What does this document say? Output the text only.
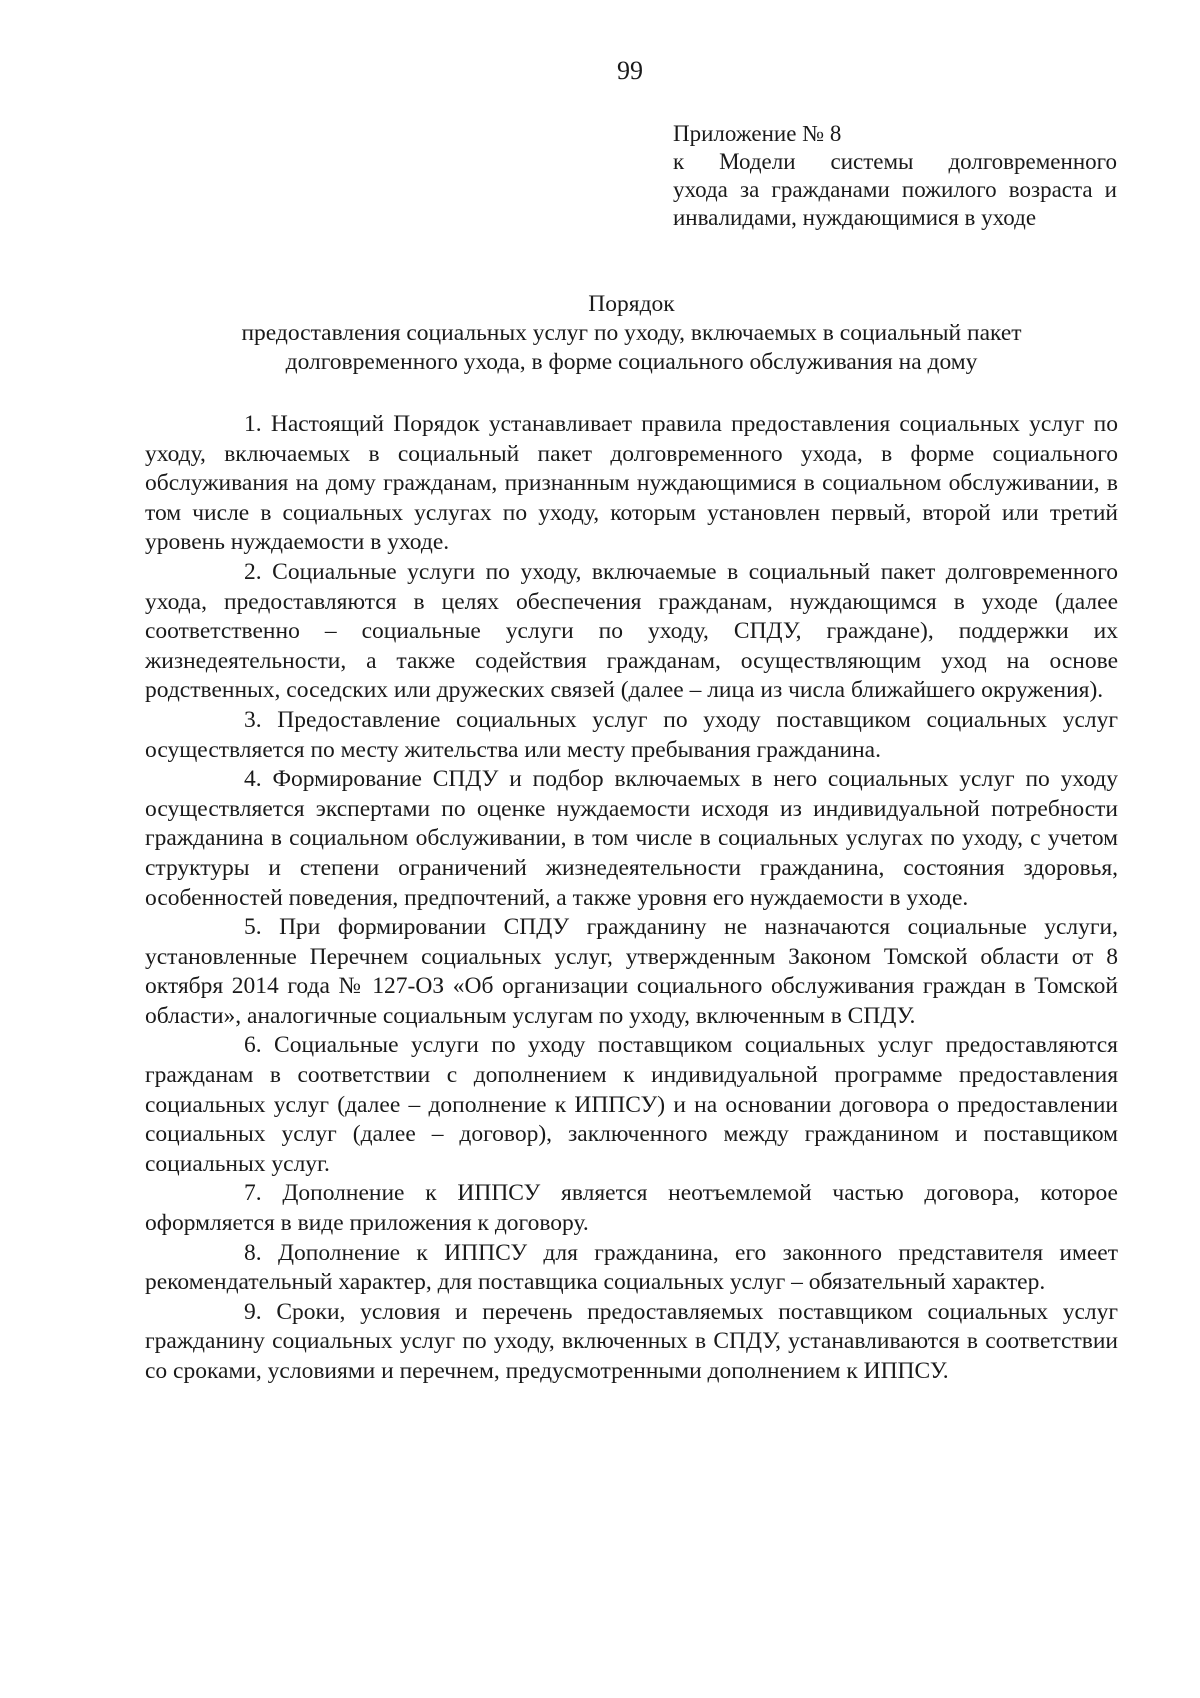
99
Приложение № 8
к Модели системы долговременного
ухода за гражданами пожилого возраста и
инвалидами, нуждающимися в уходе
Порядок
предоставления социальных услуг по уходу, включаемых в социальный пакет
долговременного ухода, в форме социального обслуживания на дому

1. Настоящий Порядок устанавливает правила предоставления социальных услуг по уходу, включаемых в социальный пакет долговременного ухода, в форме социального обслуживания на дому гражданам, признанным нуждающимися в социальном обслуживании, в том числе в социальных услугах по уходу, которым установлен первый, второй или третий уровень нуждаемости в уходе.

2. Социальные услуги по уходу, включаемые в социальный пакет долговременного ухода, предоставляются в целях обеспечения гражданам, нуждающимся в уходе (далее соответственно – социальные услуги по уходу, СПДУ, граждане), поддержки их жизнедеятельности, а также содействия гражданам, осуществляющим уход на основе родственных, соседских или дружеских связей (далее – лица из числа ближайшего окружения).

3. Предоставление социальных услуг по уходу поставщиком социальных услуг осуществляется по месту жительства или месту пребывания гражданина.

4. Формирование СПДУ и подбор включаемых в него социальных услуг по уходу осуществляется экспертами по оценке нуждаемости исходя из индивидуальной потребности гражданина в социальном обслуживании, в том числе в социальных услугах по уходу, с учетом структуры и степени ограничений жизнедеятельности гражданина, состояния здоровья, особенностей поведения, предпочтений, а также уровня его нуждаемости в уходе.

5. При формировании СПДУ гражданину не назначаются социальные услуги, установленные Перечнем социальных услуг, утвержденным Законом Томской области от 8 октября 2014 года № 127-ОЗ «Об организации социального обслуживания граждан в Томской области», аналогичные социальным услугам по уходу, включенным в СПДУ.

6. Социальные услуги по уходу поставщиком социальных услуг предоставляются гражданам в соответствии с дополнением к индивидуальной программе предоставления социальных услуг (далее – дополнение к ИППСУ) и на основании договора о предоставлении социальных услуг (далее – договор), заключенного между гражданином и поставщиком социальных услуг.

7. Дополнение к ИППСУ является неотъемлемой частью договора, которое оформляется в виде приложения к договору.

8. Дополнение к ИППСУ для гражданина, его законного представителя имеет рекомендательный характер, для поставщика социальных услуг – обязательный характер.

9. Сроки, условия и перечень предоставляемых поставщиком социальных услуг гражданину социальных услуг по уходу, включенных в СПДУ, устанавливаются в соответствии со сроками, условиями и перечнем, предусмотренными дополнением к ИППСУ.
